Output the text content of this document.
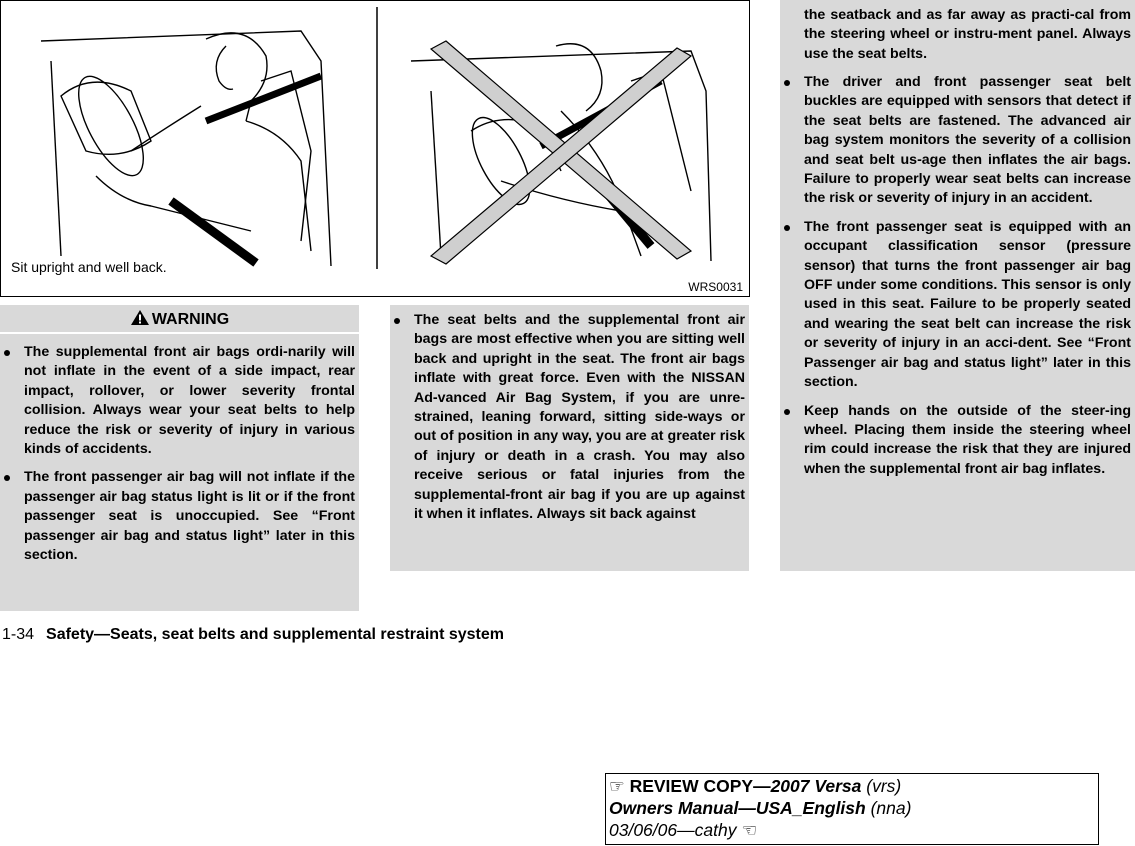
Sit upright and well back.
WRS0031
WARNING
The supplemental front air bags ordi-narily will not inflate in the event of a side impact, rear impact, rollover, or lower severity frontal collision. Always wear your seat belts to help reduce the risk or severity of injury in various kinds of accidents.
The front passenger air bag will not inflate if the passenger air bag status light is lit or if the front passenger seat is unoccupied. See “Front passenger air bag and status light” later in this section.
The seat belts and the supplemental front air bags are most effective when you are sitting well back and upright in the seat. The front air bags inflate with great force. Even with the NISSAN Ad-vanced Air Bag System, if you are unre-strained, leaning forward, sitting side-ways or out of position in any way, you are at greater risk of injury or death in a crash. You may also receive serious or fatal injuries from the supplemental-front air bag if you are up against it when it inflates. Always sit back against
the seatback and as far away as practi-cal from the steering wheel or instru-ment panel. Always use the seat belts.
The driver and front passenger seat belt buckles are equipped with sensors that detect if the seat belts are fastened. The advanced air bag system monitors the severity of a collision and seat belt us-age then inflates the air bags. Failure to properly wear seat belts can increase the risk or severity of injury in an accident.
The front passenger seat is equipped with an occupant classification sensor (pressure sensor) that turns the front passenger air bag OFF under some conditions. This sensor is only used in this seat. Failure to be properly seated and wearing the seat belt can increase the risk or severity of injury in an acci-dent. See “Front Passenger air bag and status light” later in this section.
Keep hands on the outside of the steer-ing wheel. Placing them inside the steering wheel rim could increase the risk that they are injured when the supplemental front air bag inflates.
1-34 Safety—Seats, seat belts and supplemental restraint system
☞ REVIEW COPY—2007 Versa (vrs)
Owners Manual—USA_English (nna)
03/06/06—cathy ☜
